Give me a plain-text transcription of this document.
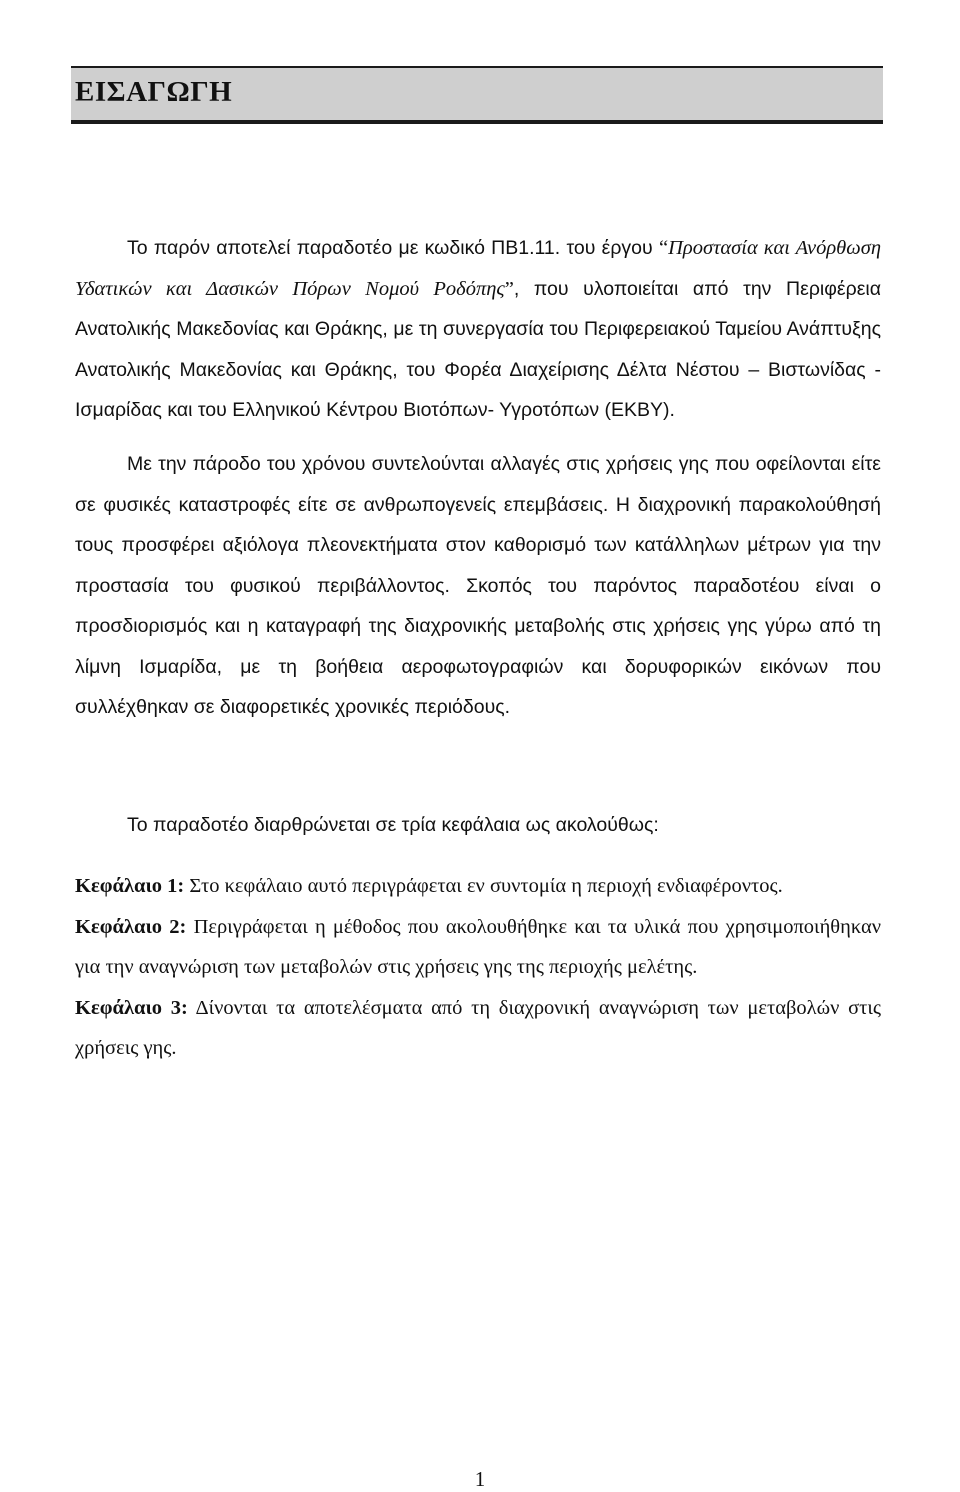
ΕΙΣΑΓΩΓΗ

Το παρόν αποτελεί παραδοτέο με κωδικό ΠΒ1.11. του έργου “Προστασία και Ανόρθωση Υδατικών και Δασικών Πόρων Νομού Ροδόπης”, που υλοποιείται από την Περιφέρεια Ανατολικής Μακεδονίας και Θράκης, με τη συνεργασία του Περιφερειακού Ταμείου Ανάπτυξης Ανατολικής Μακεδονίας και Θράκης, του Φορέα Διαχείρισης Δέλτα Νέστου – Βιστωνίδας - Ισμαρίδας και του Ελληνικού Κέντρου Βιοτόπων- Υγροτόπων (ΕΚΒΥ).

Με την πάροδο του χρόνου συντελούνται αλλαγές στις χρήσεις γης που οφείλονται είτε σε φυσικές καταστροφές είτε σε ανθρωπογενείς επεμβάσεις. Η διαχρονική παρακολούθησή τους προσφέρει αξιόλογα πλεονεκτήματα στον καθορισμό των κατάλληλων μέτρων για την προστασία του φυσικού περιβάλλοντος. Σκοπός του παρόντος παραδοτέου είναι ο προσδιορισμός και η καταγραφή της διαχρονικής μεταβολής στις χρήσεις γης γύρω από τη λίμνη Ισμαρίδα, με τη βοήθεια αεροφωτογραφιών και δορυφορικών εικόνων που συλλέχθηκαν σε διαφορετικές χρονικές περιόδους.

Το παραδοτέο διαρθρώνεται σε τρία κεφάλαια ως ακολούθως:

Κεφάλαιο 1: Στο κεφάλαιο αυτό περιγράφεται εν συντομία η περιοχή ενδιαφέροντος.

Κεφάλαιο 2: Περιγράφεται η μέθοδος που ακολουθήθηκε και τα υλικά που χρησιμοποιήθηκαν για την αναγνώριση των μεταβολών στις χρήσεις γης της περιοχής μελέτης.

Κεφάλαιο 3: Δίνονται τα αποτελέσματα από τη διαχρονική αναγνώριση των μεταβολών στις χρήσεις γης.

1
